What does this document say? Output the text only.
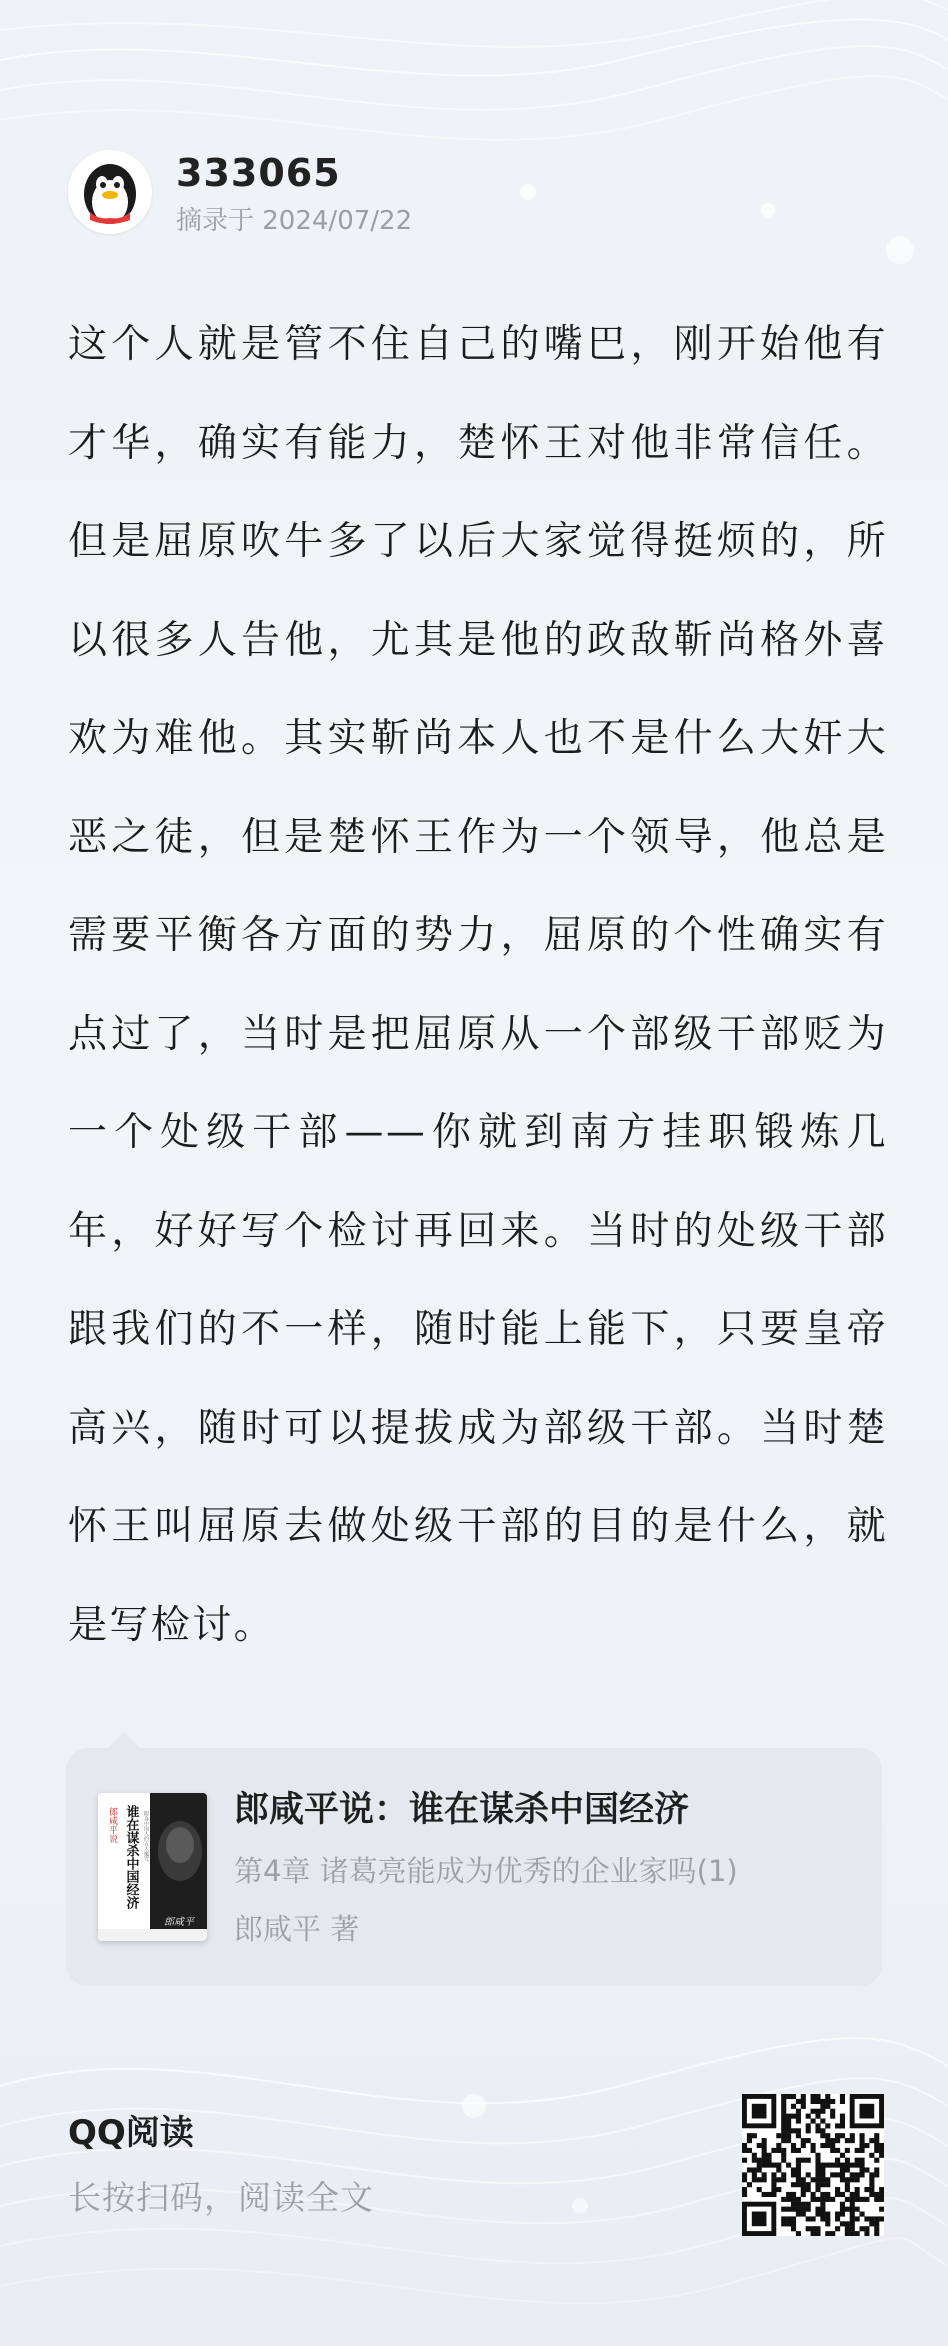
333065
摘录于 2024/07/22

这个人就是管不住自己的嘴巴，刚开始他有才华，确实有能力，楚怀王对他非常信任。但是屈原吹牛多了以后大家觉得挺烦的，所以很多人告他，尤其是他的政敌靳尚格外喜欢为难他。其实靳尚本人也不是什么大奸大恶之徒，但是楚怀王作为一个领导，他总是需要平衡各方面的势力，屈原的个性确实有点过了，当时是把屈原从一个部级干部贬为一个处级干部——你就到南方挂职锻炼几年，好好写个检讨再回来。当时的处级干部跟我们的不一样，随时能上能下，只要皇帝高兴，随时可以提拔成为部级干部。当时楚怀王叫屈原去做处级干部的目的是什么，就是写检讨。

谁在谋杀中国经济
郎咸平说	附身中国人的五大魔咒
郎咸平
郎咸平说：谁在谋杀中国经济
第4章 诸葛亮能成为优秀的企业家吗(1)
郎咸平 著
QQ阅读
长按扫码，阅读全文
